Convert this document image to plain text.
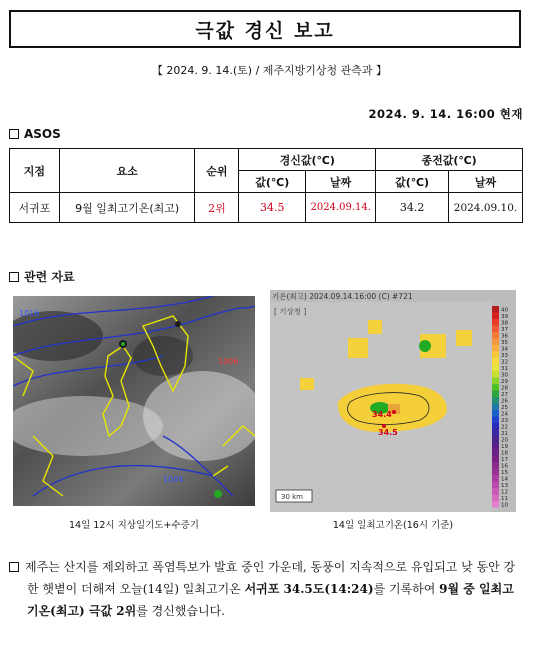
극값 경신 보고
【 2024. 9. 14.(토) / 제주지방기상청 관측과 】
2024. 9. 14. 16:00 현재
ASOS
지점	요소	순위	경신값(℃)		종전값(℃)	
			값(℃)	날짜	값(℃)	날짜
서귀포	9월 일최고기온(최고)	2위	34.5	2024.09.14.	34.2	2024.09.10.
관련 자료
1016
1004
1006
14일 12시 지상일기도+수증기
기온(최고) 2024.09.14.16:00 (C) #721
[ 기상청 ]
34.4
34.5
30 km
40
39
38
37
36
35
34
33
32
31
30
29
28
27
26
25
24
23
22
21
20
19
18
17
16
15
14
13
12
11
10
14일 일최고기온(16시 기준)
제주는 산지를 제외하고 폭염특보가 발효 중인 가운데, 동풍이 지속적으로 유입되고 낮 동안 강한 햇볕이 더해져 오늘(14일) 일최고기온 서귀포 34.5도(14:24)를 기록하여 9월 중 일최고기온(최고) 극값 2위를 경신했습니다.
